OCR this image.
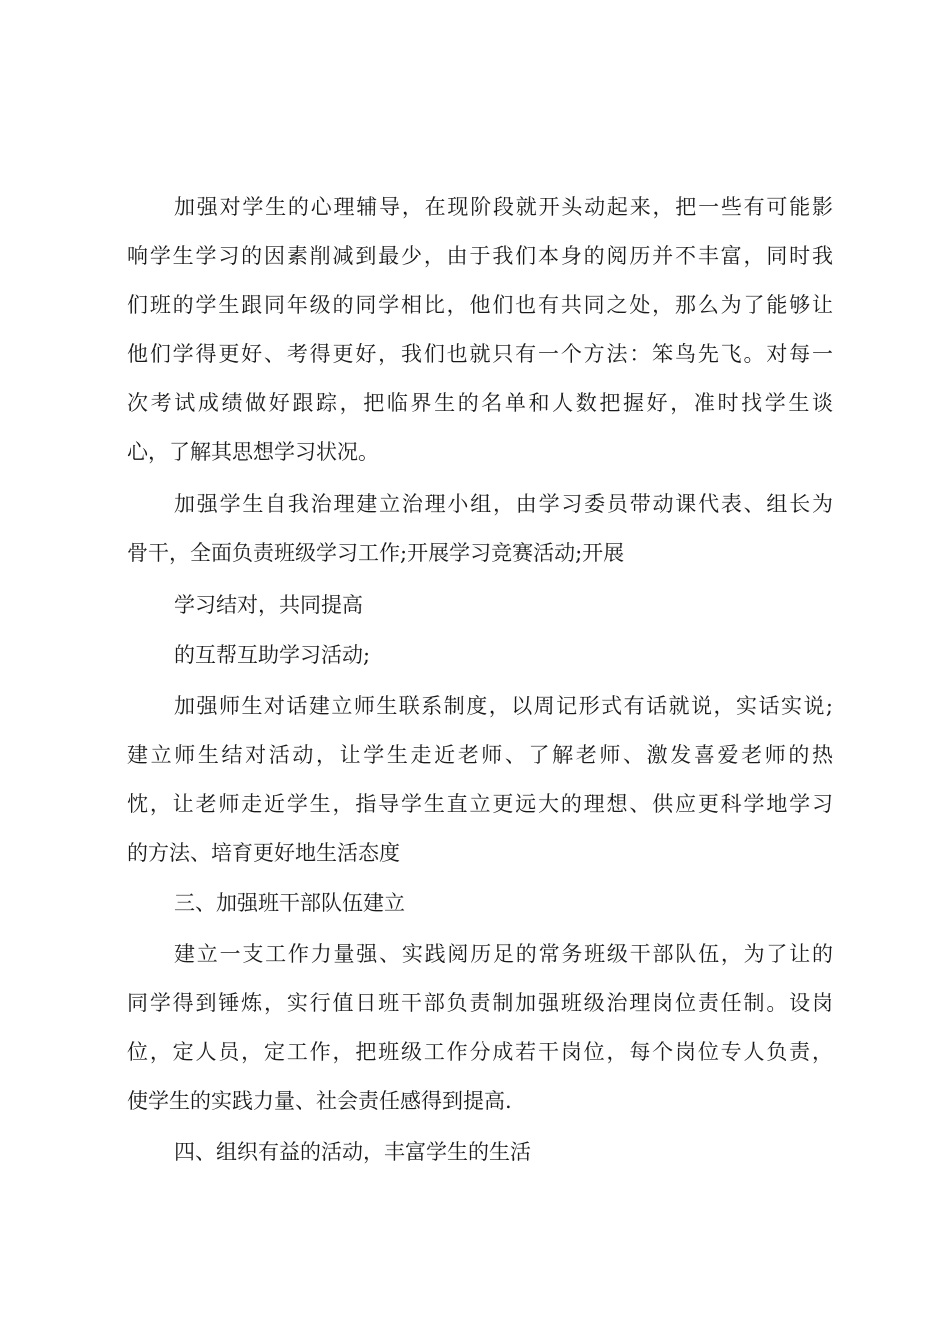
加强对学生的心理辅导，在现阶段就开头动起来，把一些有可能影
响学生学习的因素削减到最少，由于我们本身的阅历并不丰富，同时我
们班的学生跟同年级的同学相比，他们也有共同之处，那么为了能够让
他们学得更好、考得更好，我们也就只有一个方法：笨鸟先飞。对每一
次考试成绩做好跟踪，把临界生的名单和人数把握好，准时找学生谈
心，了解其思想学习状况。
加强学生自我治理建立治理小组，由学习委员带动课代表、组长为
骨干，全面负责班级学习工作;开展学习竞赛活动;开展
学习结对，共同提高
的互帮互助学习活动;
加强师生对话建立师生联系制度，以周记形式有话就说，实话实说;
建立师生结对活动，让学生走近老师、了解老师、激发喜爱老师的热
忱，让老师走近学生，指导学生直立更远大的理想、供应更科学地学习
的方法、培育更好地生活态度
三、加强班干部队伍建立
建立一支工作力量强、实践阅历足的常务班级干部队伍，为了让的
同学得到锤炼，实行值日班干部负责制加强班级治理岗位责任制。设岗
位，定人员，定工作，把班级工作分成若干岗位，每个岗位专人负责，
使学生的实践力量、社会责任感得到提高.
四、组织有益的活动，丰富学生的生活
